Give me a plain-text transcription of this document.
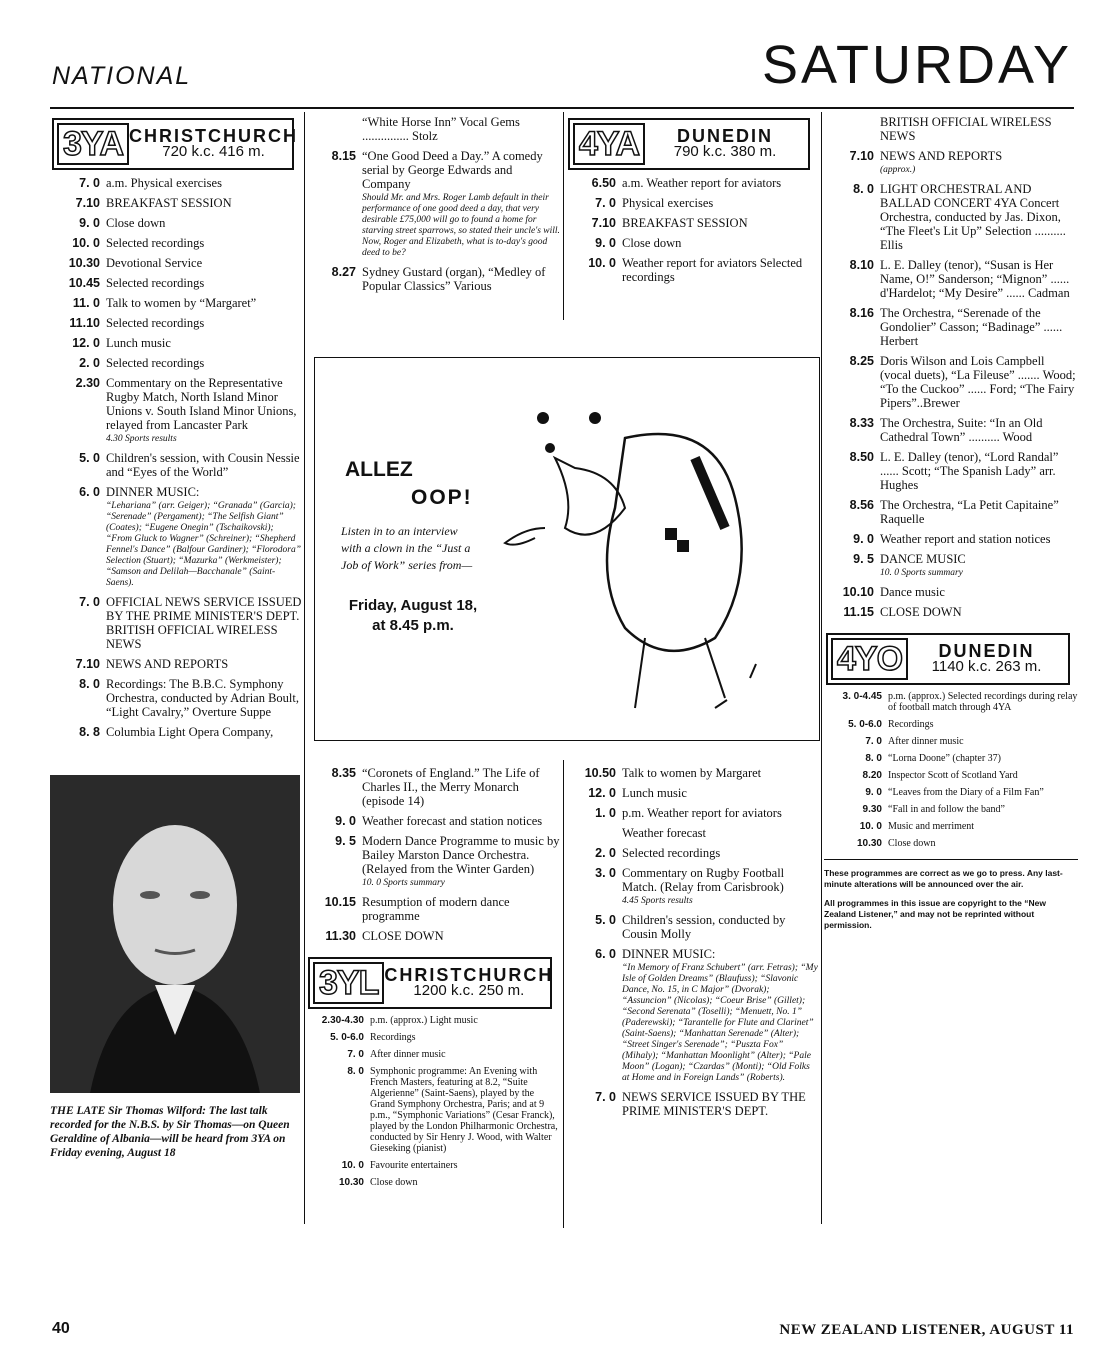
NATIONAL	SATURDAY
3YA CHRISTCHURCH
720 k.c. 416 m.
7. 0 a.m. Physical exercises
7.10 BREAKFAST SESSION
9. 0 Close down
10. 0 Selected recordings
10.30 Devotional Service
10.45 Selected recordings
11. 0 Talk to women by “Margaret”
11.10 Selected recordings
12. 0 Lunch music
2. 0 Selected recordings
2.30 Commentary on the Representative Rugby Match, North Island Minor Unions v. South Island Minor Unions, relayed from Lancaster Park
4.30 Sports results
5. 0 Children's session, with Cousin Nessie and “Eyes of the World”
6. 0 DINNER MUSIC:
“Lehariana” (arr. Geiger); “Granada” (Garcia); “Serenade” (Pergament); “The Selfish Giant” (Coates); “Eugene Onegin” (Tschaikovski); “From Gluck to Wagner” (Schreiner); “Shepherd Fennel's Dance” (Balfour Gardiner); “Florodora” Selection (Stuart); “Mazurka” (Werkmeister); “Samson and Delilah—Bacchanale” (Saint-Saens).
7. 0 OFFICIAL NEWS SERVICE ISSUED BY THE PRIME MINISTER'S DEPT. BRITISH OFFICIAL WIRELESS NEWS
7.10 NEWS AND REPORTS
8. 0 Recordings: The B.B.C. Symphony Orchestra, conducted by Adrian Boult, “Light Cavalry,” Overture Suppe
8. 8 Columbia Light Opera Company,
THE LATE Sir Thomas Wilford: The last talk recorded for the N.B.S. by Sir Thomas—on Queen Geraldine of Albania—will be heard from 3YA on Friday evening, August 18
“White Horse Inn” Vocal Gems ............... Stolz
8.15 “One Good Deed a Day.” A comedy serial by George Edwards and Company
Should Mr. and Mrs. Roger Lamb default in their performance of one good deed a day, that very desirable £75,000 will go to found a home for starving street sparrows, so stated their uncle's will. Now, Roger and Elizabeth, what is to-day's good deed to be?
8.27 Sydney Gustard (organ), “Medley of Popular Classics” Various
ALLEZ
OOP!
Listen in to an interview with a clown in the “Just a Job of Work” series from—
Friday, August 18, at 8.45 p.m.
8.35 “Coronets of England.” The Life of Charles II., the Merry Monarch (episode 14)
9. 0 Weather forecast and station notices
9. 5 Modern Dance Programme to music by Bailey Marston Dance Orchestra. (Relayed from the Winter Garden)
10. 0 Sports summary
10.15 Resumption of modern dance programme
11.30 CLOSE DOWN
3YL CHRISTCHURCH
1200 k.c. 250 m.
2.30-4.30 p.m. (approx.) Light music
5. 0-6.0 Recordings
7. 0 After dinner music
8. 0 Symphonic programme: An Evening with French Masters, featuring at 8.2, “Suite Algerienne” (Saint-Saens), played by the Grand Symphony Orchestra, Paris; and at 9 p.m., “Symphonic Variations” (Cesar Franck), played by the London Philharmonic Orchestra, conducted by Sir Henry J. Wood, with Walter Gieseking (pianist)
10. 0 Favourite entertainers
10.30 Close down
4YA	DUNEDIN
790 k.c. 380 m.
6.50 a.m. Weather report for aviators
7. 0 Physical exercises
7.10 BREAKFAST SESSION
9. 0 Close down
10. 0 Weather report for aviators Selected recordings
10.50 Talk to women by Margaret
12. 0 Lunch music
1. 0 p.m. Weather report for aviators
Weather forecast
2. 0 Selected recordings
3. 0 Commentary on Rugby Football Match. (Relay from Carisbrook)
4.45 Sports results
5. 0 Children's session, conducted by Cousin Molly
6. 0 DINNER MUSIC:
“In Memory of Franz Schubert” (arr. Fetras); “My Isle of Golden Dreams” (Blaufuss); “Slavonic Dance, No. 15, in C Major” (Dvorak); “Assuncion” (Nicolas); “Coeur Brise” (Gillet); “Second Serenata” (Toselli); “Menuett, No. 1” (Paderewski); “Tarantelle for Flute and Clarinet” (Saint-Saens); “Manhattan Serenade” (Alter); “Street Singer's Serenade”; “Puszta Fox” (Mihaly); “Manhattan Moonlight” (Alter); “Pale Moon” (Logan); “Czardas” (Monti); “Old Folks at Home and in Foreign Lands” (Roberts).
7. 0 NEWS SERVICE ISSUED BY THE PRIME MINISTER'S DEPT.
BRITISH OFFICIAL WIRELESS NEWS
7.10 NEWS AND REPORTS
(approx.)
8. 0 LIGHT ORCHESTRAL AND BALLAD CONCERT 4YA Concert Orchestra, conducted by Jas. Dixon, “The Fleet's Lit Up” Selection .......... Ellis
8.10 L. E. Dalley (tenor), “Susan is Her Name, O!” Sanderson; “Mignon” ...... d'Hardelot; “My Desire” ...... Cadman
8.16 The Orchestra, “Serenade of the Gondolier” Casson; “Badinage” ...... Herbert
8.25 Doris Wilson and Lois Campbell (vocal duets), “La Fileuse” ....... Wood; “To the Cuckoo” ...... Ford; “The Fairy Pipers”..Brewer
8.33 The Orchestra, Suite: “In an Old Cathedral Town” .......... Wood
8.50 L. E. Dalley (tenor), “Lord Randal” ...... Scott; “The Spanish Lady” arr. Hughes
8.56 The Orchestra, “La Petit Capitaine” Raquelle
9. 0 Weather report and station notices
9. 5 DANCE MUSIC
10. 0 Sports summary
10.10 Dance music
11.15 CLOSE DOWN
4YO	DUNEDIN
1140 k.c. 263 m.
3. 0-4.45 p.m. (approx.) Selected recordings during relay of football match through 4YA
5. 0-6.0 Recordings
7. 0 After dinner music
8. 0 “Lorna Doone” (chapter 37)
8.20 Inspector Scott of Scotland Yard
9. 0 “Leaves from the Diary of a Film Fan”
9.30 “Fall in and follow the band”
10. 0 Music and merriment
10.30 Close down
These programmes are correct as we go to press. Any last-minute alterations will be announced over the air.
All programmes in this issue are copyright to the “New Zealand Listener,” and may not be reprinted without permission.
40	NEW ZEALAND LISTENER, AUGUST 11
